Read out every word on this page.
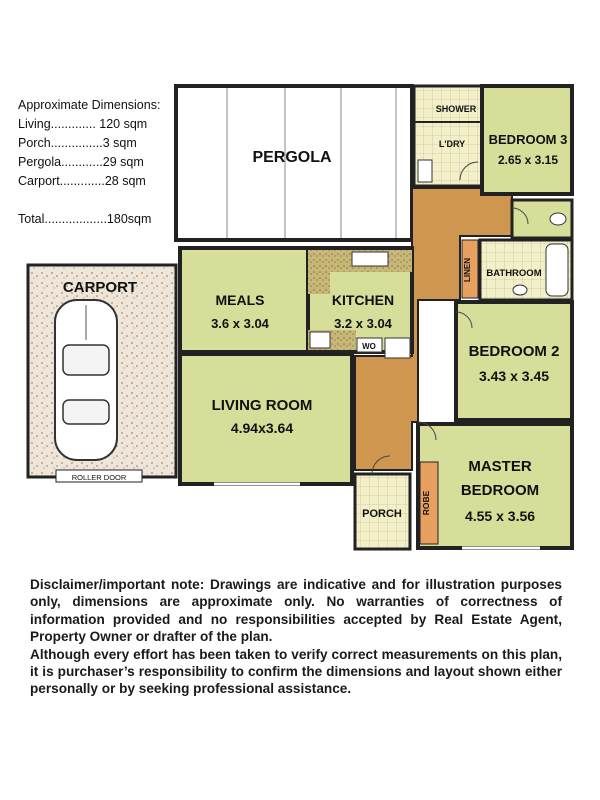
Approximate Dimensions:
Living............. 120 sqm
Porch...............3 sqm
Pergola............29 sqm
Carport.............28 sqm
Total..................180sqm
PERGOLA
CARPORT
ROLLER DOOR
MEALS
3.6 x 3.04
WO
KITCHEN
3.2 x 3.04
LIVING ROOM
4.94x3.64
PORCH
SHOWER
L'DRY BEDROOM 3
2.65 x 3.15
LINEN BATHROOM
BEDROOM 2
3.43 x 3.45
ROBE
MASTER
BEDROOM
4.55 x 3.56

Disclaimer/important note: Drawings are indicative and for illustration purposes only, dimensions are approximate only. No warranties of correctness of information provided and no responsibilities accepted by Real Estate Agent, Property Owner or drafter of the plan.

Although every effort has been taken to verify correct measurements on this plan, it is purchaser’s responsibility to confirm the dimensions and layout shown either personally or by seeking professional assistance.
